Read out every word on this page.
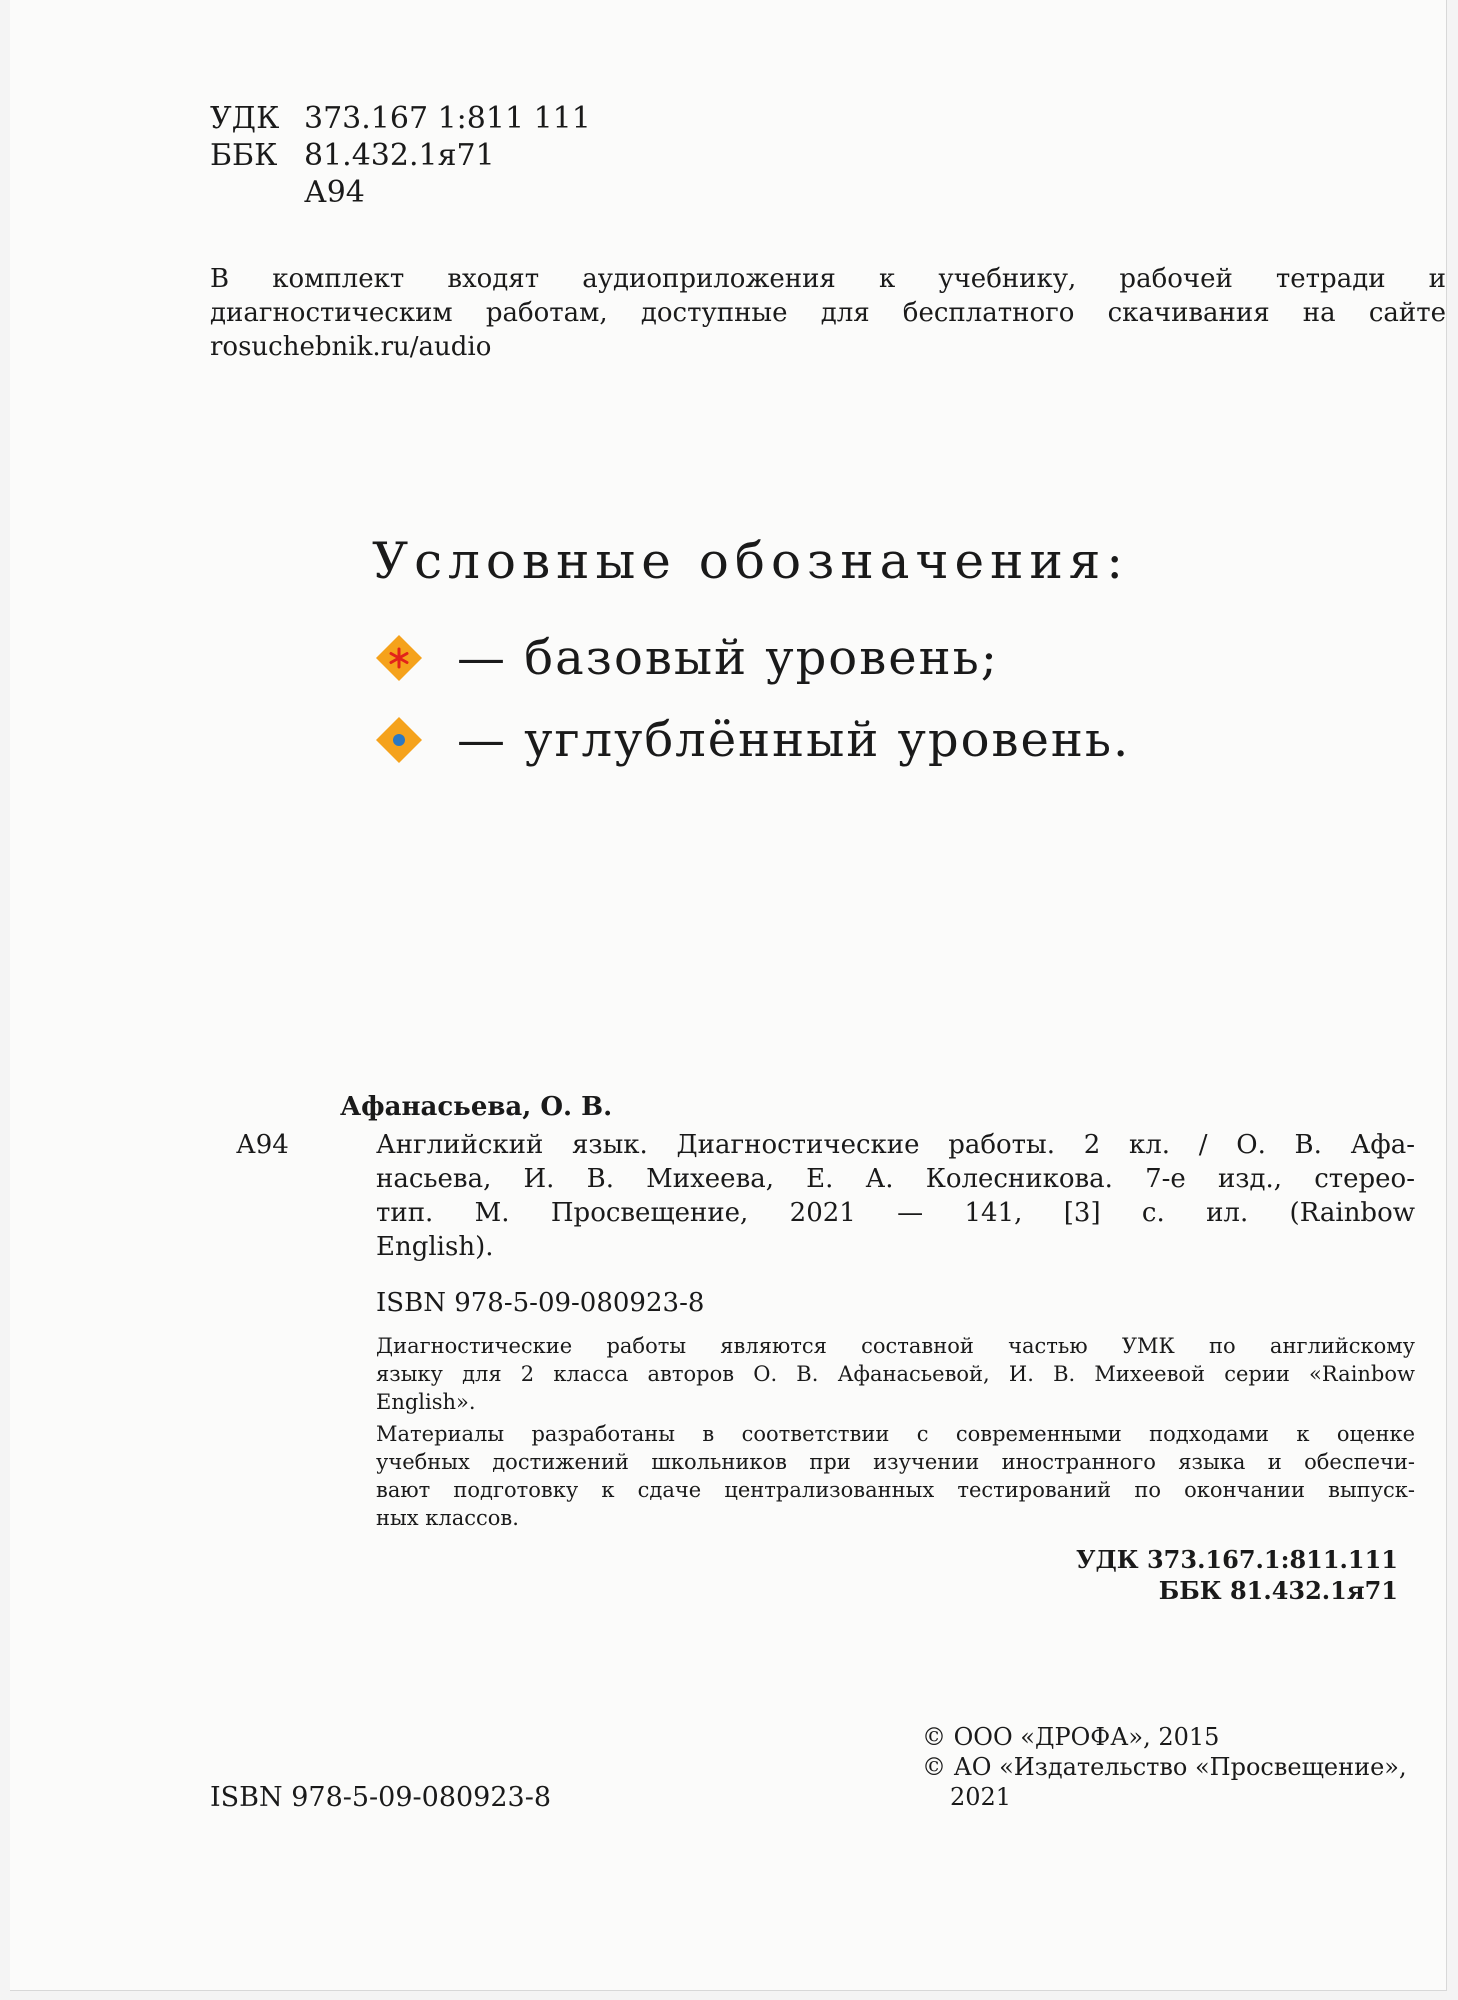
УДК 373.167 1:811 111
ББК 81.432.1я71
А94
В комплект входят аудиоприложения к учебнику, рабочей тетради и
диагностическим работам, доступные для бесплатного скачивания на сайте
rosuchebnik.ru/audio
Условные обозначения:
— базовый уровень;
— углублённый уровень.
Афанасьева, О. В.
А94	Английский язык. Диагностические работы. 2 кл. / О. В. Афа-
насьева, И. В. Михеева, Е. А. Колесникова. 7-е изд., стерео-
тип. М. Просвещение, 2021 — 141, [3] с. ил. (Rainbow
English).
ISBN 978-5-09-080923-8
Диагностические работы являются составной частью УМК по английскому
языку для 2 класса авторов О. В. Афанасьевой, И. В. Михеевой серии «Rainbow
English».
Материалы разработаны в соответствии с современными подходами к оценке
учебных достижений школьников при изучении иностранного языка и обеспечи-
вают подготовку к сдаче централизованных тестирований по окончании выпуск-
ных классов.
УДК 373.167.1:811.111
ББК 81.432.1я71
© ООО «ДРОФА», 2015
© АО «Издательство «Просвещение»,
2021
ISBN 978-5-09-080923-8
